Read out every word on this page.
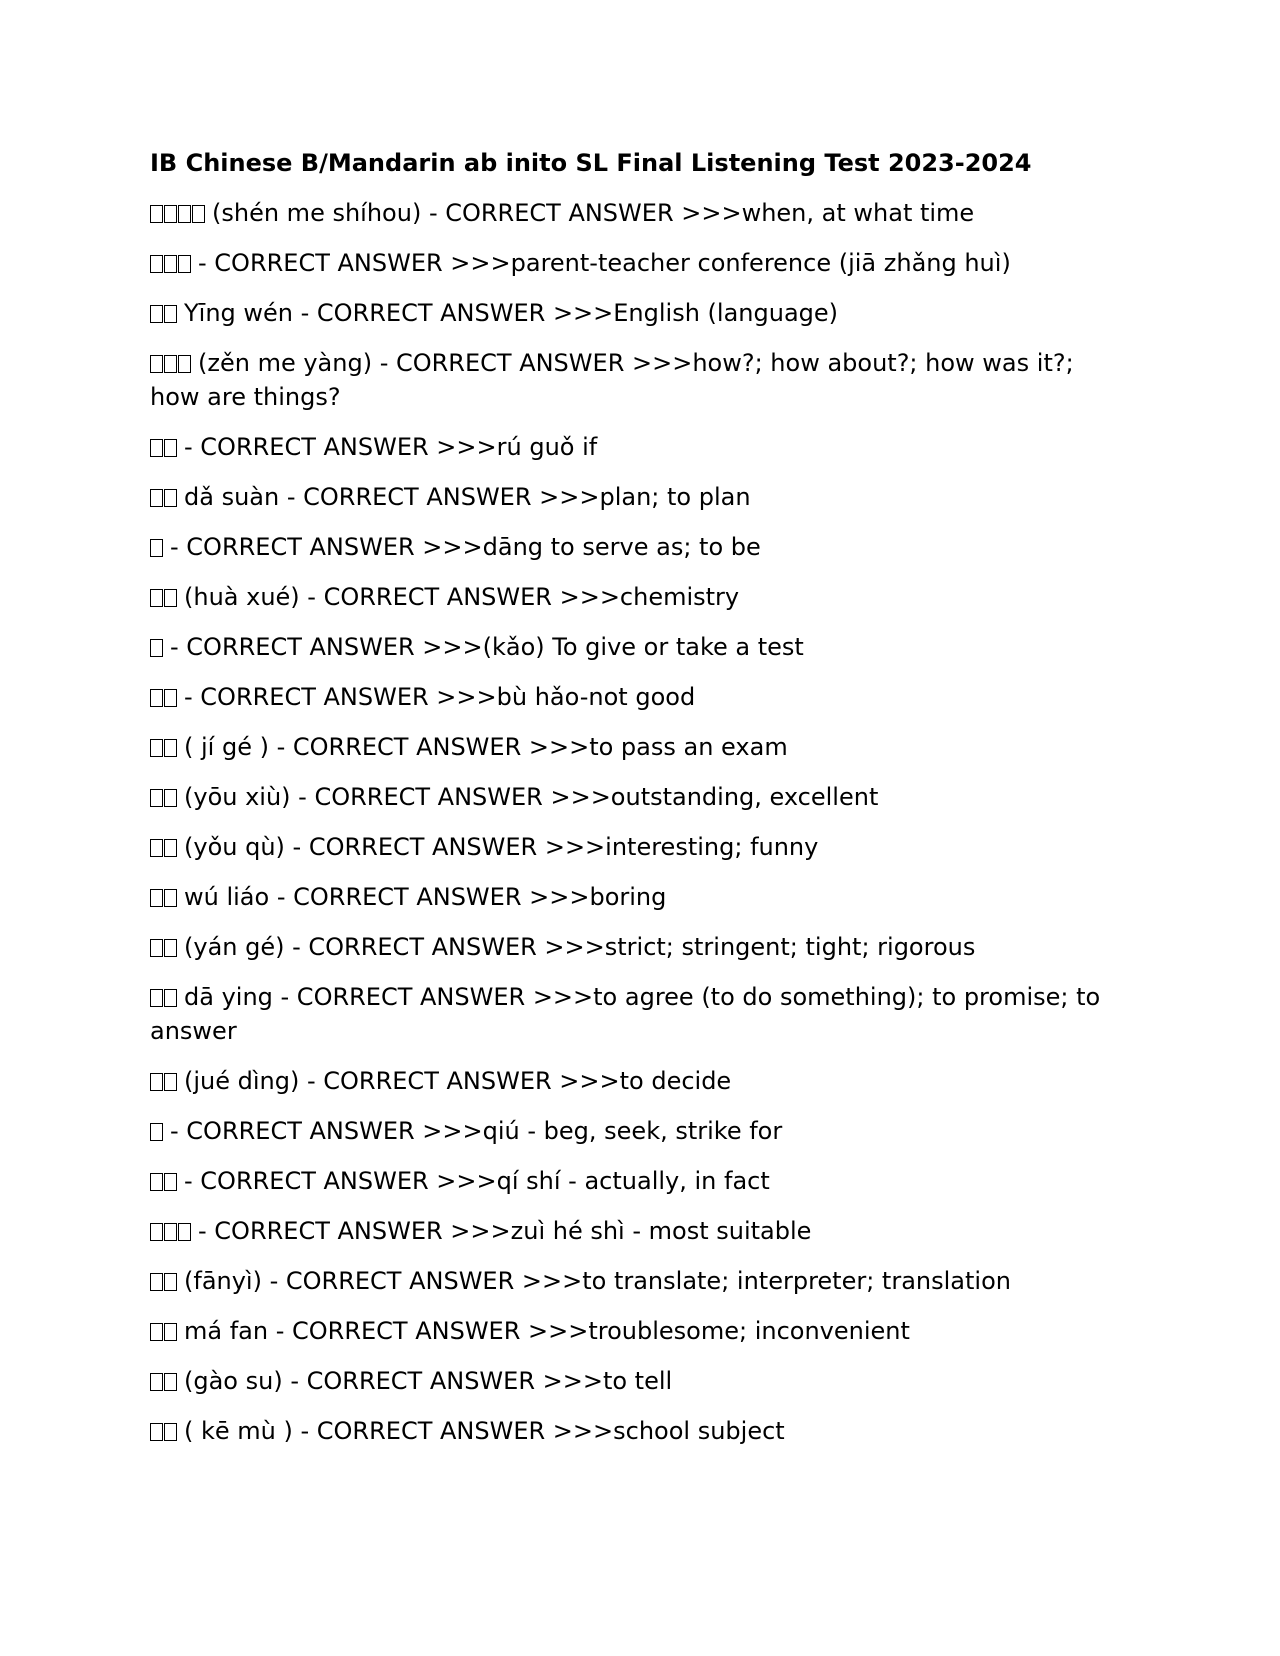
IB Chinese B/Mandarin ab inito SL Final Listening Test 2023-2024
(shén me shíhou) - CORRECT ANSWER >>>when, at what time
- CORRECT ANSWER >>>parent-teacher conference (jiā zhǎng huì)
Yīng wén - CORRECT ANSWER >>>English (language)
(zěn me yàng) - CORRECT ANSWER >>>how?; how about?; how was it?; how are things?
- CORRECT ANSWER >>>rú guǒ if
dǎ suàn - CORRECT ANSWER >>>plan; to plan
- CORRECT ANSWER >>>dāng to serve as; to be
(huà xué) - CORRECT ANSWER >>>chemistry
- CORRECT ANSWER >>>(kǎo) To give or take a test
- CORRECT ANSWER >>>bù hǎo-not good
( jí gé ) - CORRECT ANSWER >>>to pass an exam
(yōu xiù) - CORRECT ANSWER >>>outstanding, excellent
(yǒu qù) - CORRECT ANSWER >>>interesting; funny
wú liáo - CORRECT ANSWER >>>boring
(yán gé) - CORRECT ANSWER >>>strict; stringent; tight; rigorous
dā ying - CORRECT ANSWER >>>to agree (to do something); to promise; to answer
(jué dìng) - CORRECT ANSWER >>>to decide
- CORRECT ANSWER >>>qiú - beg, seek, strike for
- CORRECT ANSWER >>>qí shí - actually, in fact
- CORRECT ANSWER >>>zuì hé shì - most suitable
(fānyì) - CORRECT ANSWER >>>to translate; interpreter; translation
má fan - CORRECT ANSWER >>>troublesome; inconvenient
(gào su) - CORRECT ANSWER >>>to tell
( kē mù ) - CORRECT ANSWER >>>school subject
